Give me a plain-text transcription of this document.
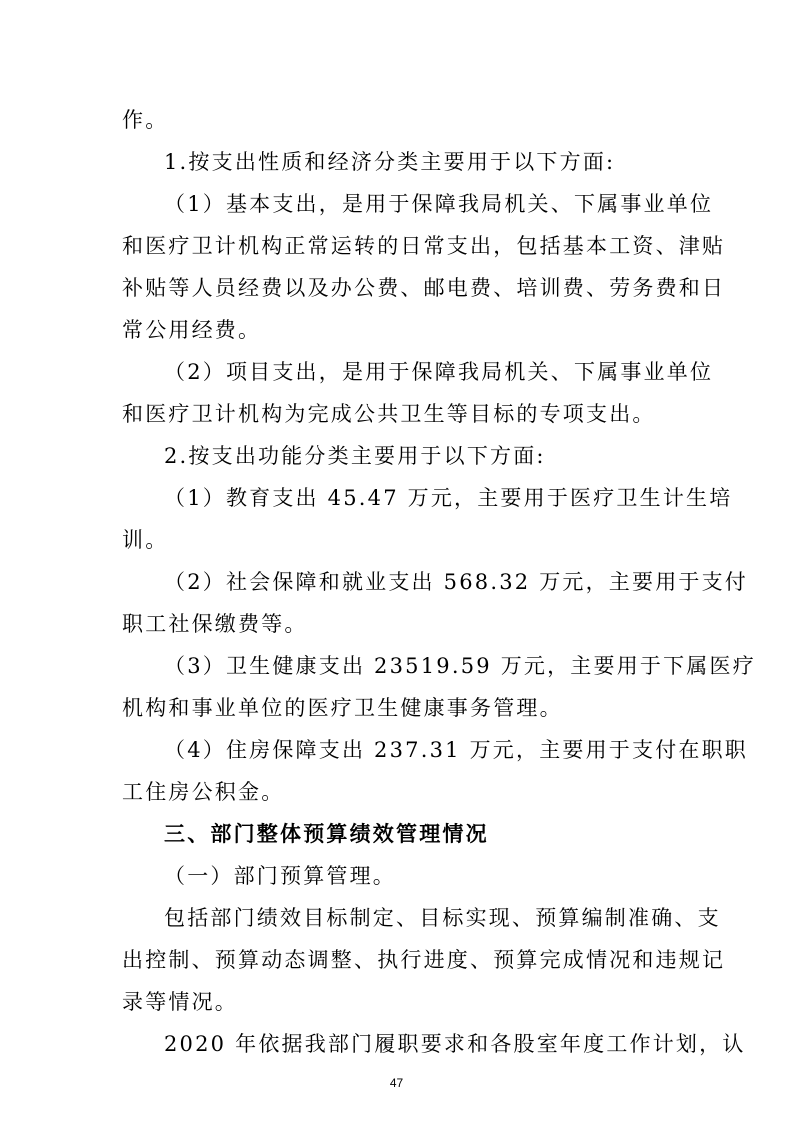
作。
1.按支出性质和经济分类主要用于以下方面:
（1）基本支出，是用于保障我局机关、下属事业单位
和医疗卫计机构正常运转的日常支出，包括基本工资、津贴
补贴等人员经费以及办公费、邮电费、培训费、劳务费和日
常公用经费。
（2）项目支出，是用于保障我局机关、下属事业单位
和医疗卫计机构为完成公共卫生等目标的专项支出。
2.按支出功能分类主要用于以下方面:
（1）教育支出 45.47 万元，主要用于医疗卫生计生培
训。
（2）社会保障和就业支出 568.32 万元，主要用于支付
职工社保缴费等。
（3）卫生健康支出 23519.59 万元，主要用于下属医疗
机构和事业单位的医疗卫生健康事务管理。
（4）住房保障支出 237.31 万元，主要用于支付在职职
工住房公积金。
三、部门整体预算绩效管理情况
（一）部门预算管理。
包括部门绩效目标制定、目标实现、预算编制准确、支
出控制、预算动态调整、执行进度、预算完成情况和违规记
录等情况。
2020 年依据我部门履职要求和各股室年度工作计划，认
47
